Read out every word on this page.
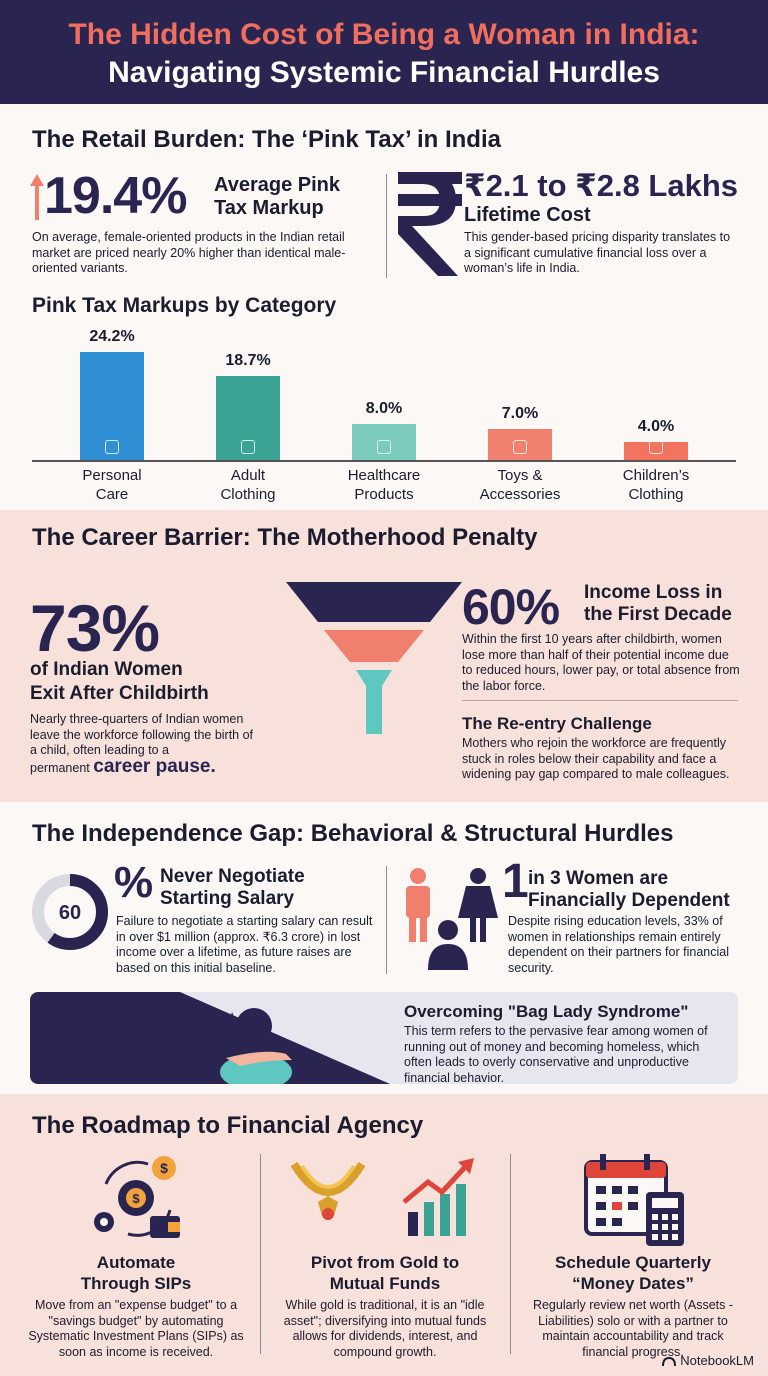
The Hidden Cost of Being a Woman in India:
Navigating Systemic Financial Hurdles
The Retail Burden: The ‘Pink Tax’ in India
19.4% Average Pink
Tax Markup
On average, female-oriented products in the Indian retail market are priced nearly 20% higher than identical male-oriented variants.
₹2.1 to ₹2.8 Lakhs
Lifetime Cost
This gender-based pricing disparity translates to a significant cumulative financial loss over a woman’s life in India.
Pink Tax Markups by Category
24.2%
Personal
Care
18.7%
Adult
Clothing
8.0%
Healthcare
Products
7.0%
Toys &
Accessories
4.0%
Children’s
Clothing
The Career Barrier: The Motherhood Penalty
73%
of Indian Women
Exit After Childbirth
Nearly three-quarters of Indian women leave the workforce following the birth of a child, often leading to a
permanent career pause.
60% Income Loss in
the First Decade
Within the first 10 years after childbirth, women lose more than half of their potential income due to reduced hours, lower pay, or total absence from the labor force.
The Re-entry Challenge
Mothers who rejoin the workforce are frequently stuck in roles below their capability and face a widening pay gap compared to male colleagues.
The Independence Gap: Behavioral & Structural Hurdles
60
% Never Negotiate
Starting Salary
Failure to negotiate a starting salary can result in over $1 million (approx. ₹6.3 crore) in lost income over a lifetime, as future raises are based on this initial baseline.
1 in 3 Women are
Financially Dependent
Despite rising education levels, 33% of women in relationships remain entirely dependent on their partners for financial security.
Overcoming "Bag Lady Syndrome"
This term refers to the pervasive fear among women of running out of money and becoming homeless, which often leads to overly conservative and unproductive financial behavior.
The Roadmap to Financial Agency
$
$
Automate
Through SIPs
Move from an "expense budget" to a "savings budget" by automating Systematic Investment Plans (SIPs) as soon as income is received.
Pivot from Gold to
Mutual Funds
While gold is traditional, it is an "idle asset"; diversifying into mutual funds allows for dividends, interest, and compound growth.
Schedule Quarterly
“Money Dates”
Regularly review net worth (Assets - Liabilities) solo or with a partner to maintain accountability and track financial progress.
NotebookLM
